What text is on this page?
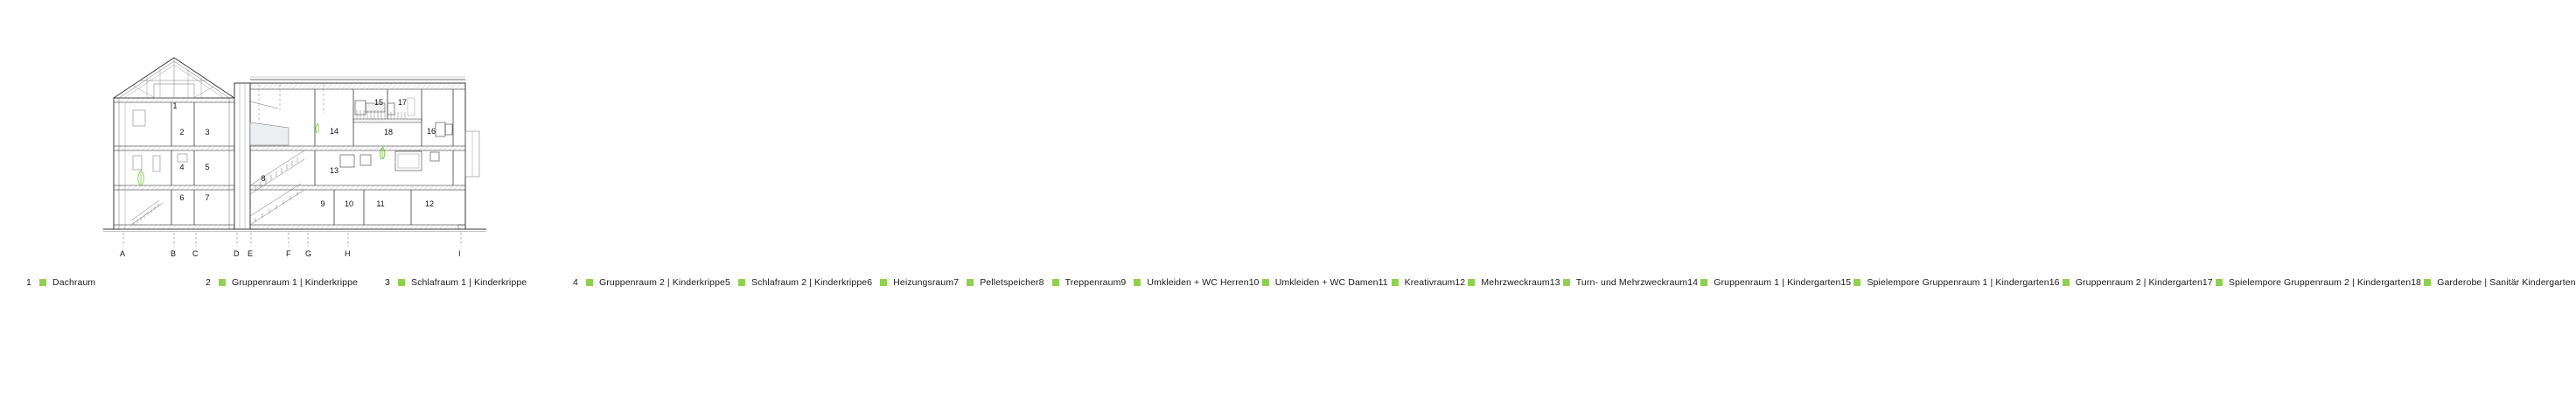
1
2	3
4	5
6	7
8
9 10	11	12
13
14
15
16
17
18
A	B C	D E	F G	H	I
1	Dachraum	2	Gruppenraum 1 | Kinderkrippe	3	Schlafraum 1 | Kinderkrippe	4	Gruppenraum 2 | Kinderkrippe 5	Schlafraum 2 | Kinderkrippe 6	Heizungsraum 7	Pelletspeicher 8	Treppenraum 9	Umkleiden + WC Herren 10	Umkleiden + WC Damen 11	Kreativraum 12	Mehrzweckraum 13	Turn- und Mehrzweckraum 14	Gruppenraum 1 | Kindergarten 15	Spielempore Gruppenraum 1 | Kindergarten 16	Gruppenraum 2 | Kindergarten 17	Spielempore Gruppenraum 2 | Kindergarten 18	Garderobe | Sanitär Kindergarten
